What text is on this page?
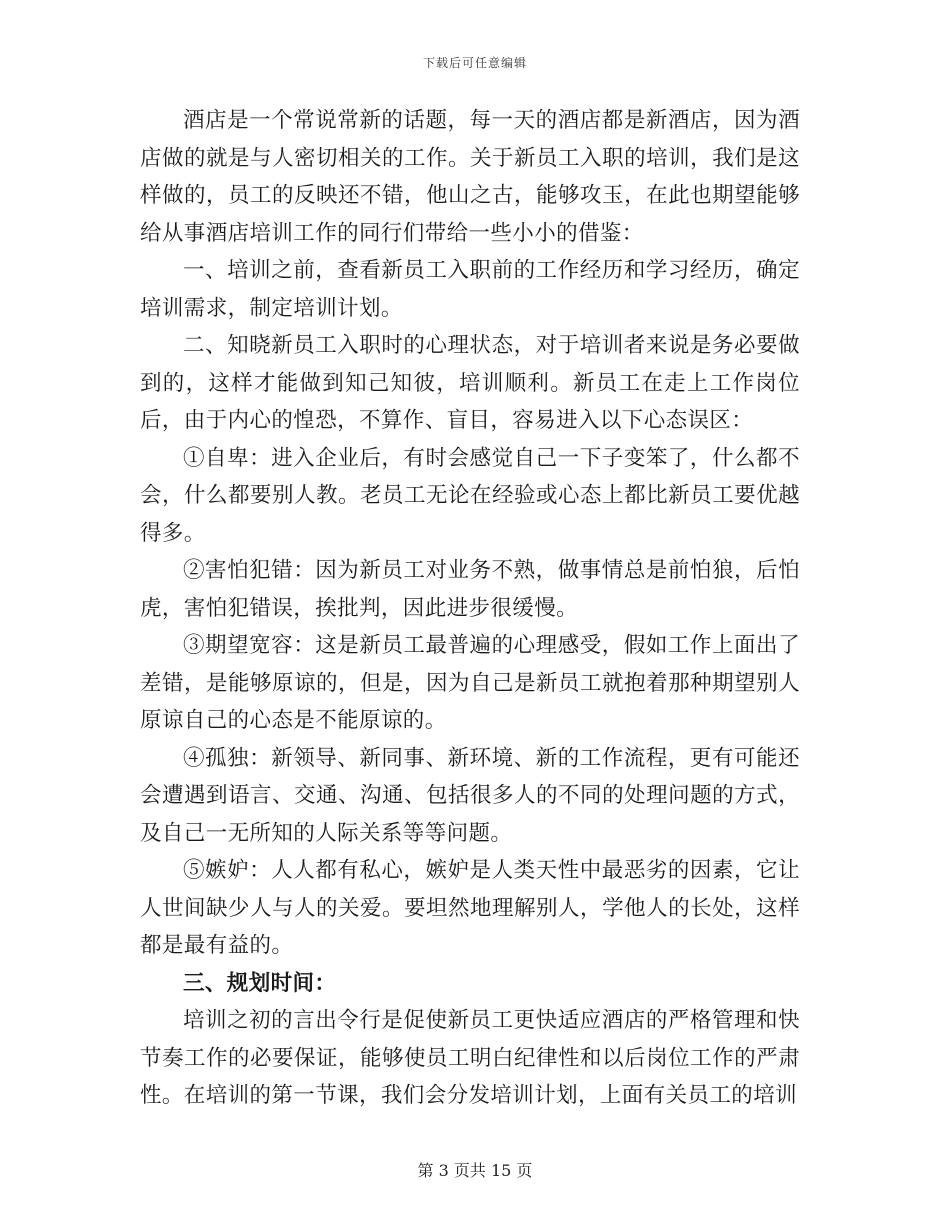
下载后可任意编辑

酒店是一个常说常新的话题，每一天的酒店都是新酒店，因为酒店做的就是与人密切相关的工作。关于新员工入职的培训，我们是这样做的，员工的反映还不错，他山之古，能够攻玉，在此也期望能够给从事酒店培训工作的同行们带给一些小小的借鉴：

一、培训之前，查看新员工入职前的工作经历和学习经历，确定培训需求，制定培训计划。

二、知晓新员工入职时的心理状态，对于培训者来说是务必要做到的，这样才能做到知己知彼，培训顺利。新员工在走上工作岗位后，由于内心的惶恐，不算作、盲目，容易进入以下心态误区：

①自卑：进入企业后，有时会感觉自己一下子变笨了，什么都不会，什么都要别人教。老员工无论在经验或心态上都比新员工要优越得多。

②害怕犯错：因为新员工对业务不熟，做事情总是前怕狼，后怕虎，害怕犯错误，挨批判，因此进步很缓慢。

③期望宽容：这是新员工最普遍的心理感受，假如工作上面出了差错，是能够原谅的，但是，因为自己是新员工就抱着那种期望别人原谅自己的心态是不能原谅的。

④孤独：新领导、新同事、新环境、新的工作流程，更有可能还会遭遇到语言、交通、沟通、包括很多人的不同的处理问题的方式，及自己一无所知的人际关系等等问题。

⑤嫉妒：人人都有私心，嫉妒是人类天性中最恶劣的因素，它让人世间缺少人与人的关爱。要坦然地理解别人，学他人的长处，这样都是最有益的。

三、规划时间：

培训之初的言出令行是促使新员工更快适应酒店的严格管理和快节奏工作的必要保证，能够使员工明白纪律性和以后岗位工作的严肃性。在培训的第一节课，我们会分发培训计划，上面有关员工的培训

第 3 页共 15 页
